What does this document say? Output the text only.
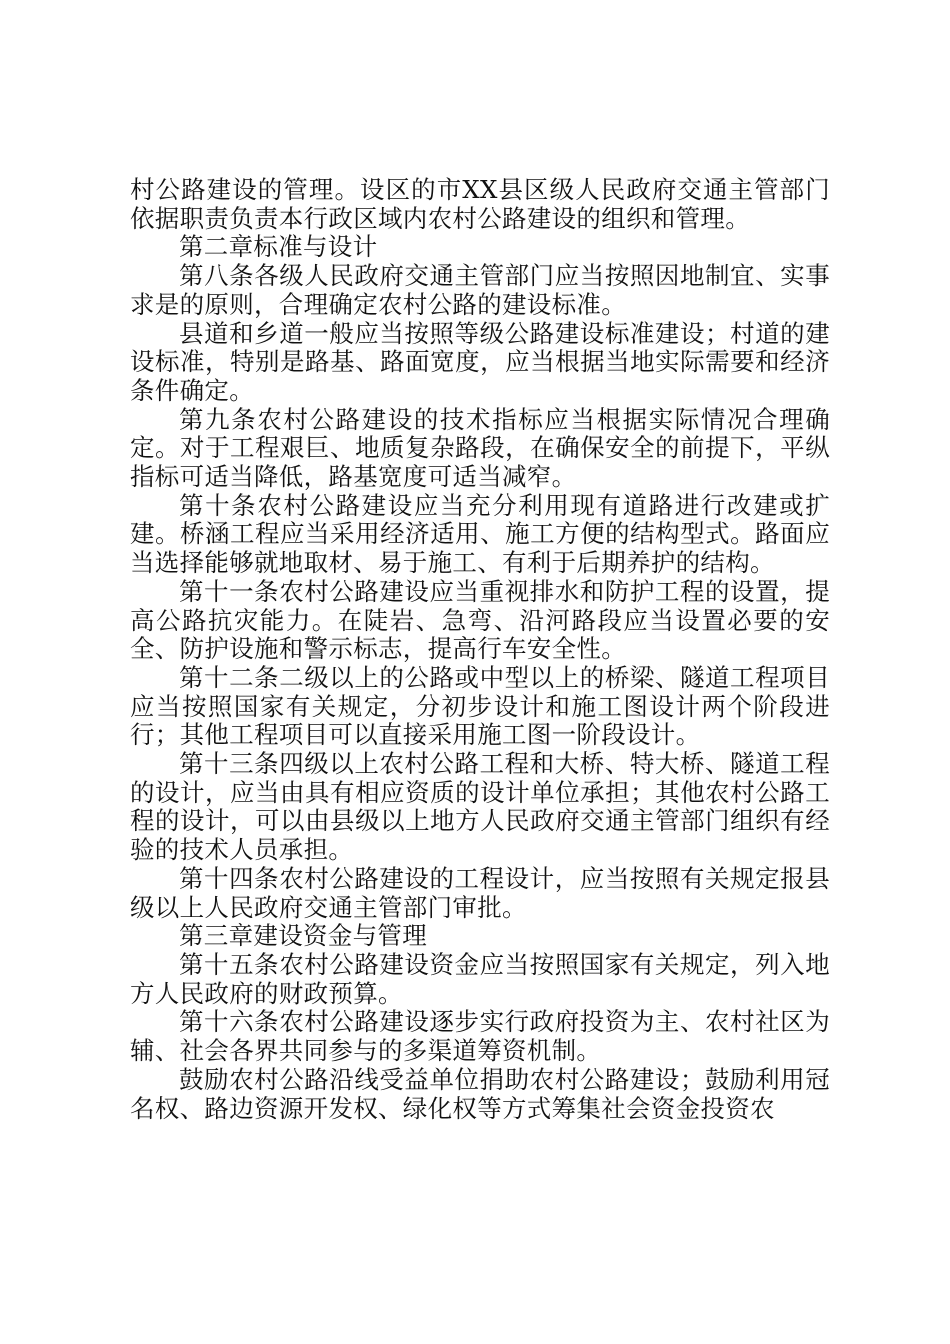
村公路建设的管理。设区的市XX县区级人民政府交通主管部门依据职责负责本行政区域内农村公路建设的组织和管理。

第二章标准与设计

第八条各级人民政府交通主管部门应当按照因地制宜、实事求是的原则，合理确定农村公路的建设标准。

县道和乡道一般应当按照等级公路建设标准建设；村道的建设标准，特别是路基、路面宽度，应当根据当地实际需要和经济条件确定。

第九条农村公路建设的技术指标应当根据实际情况合理确定。对于工程艰巨、地质复杂路段，在确保安全的前提下，平纵指标可适当降低，路基宽度可适当减窄。

第十条农村公路建设应当充分利用现有道路进行改建或扩建。桥涵工程应当采用经济适用、施工方便的结构型式。路面应当选择能够就地取材、易于施工、有利于后期养护的结构。

第十一条农村公路建设应当重视排水和防护工程的设置，提高公路抗灾能力。在陡岩、急弯、沿河路段应当设置必要的安全、防护设施和警示标志，提高行车安全性。

第十二条二级以上的公路或中型以上的桥梁、隧道工程项目应当按照国家有关规定，分初步设计和施工图设计两个阶段进行；其他工程项目可以直接采用施工图一阶段设计。

第十三条四级以上农村公路工程和大桥、特大桥、隧道工程的设计，应当由具有相应资质的设计单位承担；其他农村公路工程的设计，可以由县级以上地方人民政府交通主管部门组织有经验的技术人员承担。

第十四条农村公路建设的工程设计，应当按照有关规定报县级以上人民政府交通主管部门审批。

第三章建设资金与管理

第十五条农村公路建设资金应当按照国家有关规定，列入地方人民政府的财政预算。

第十六条农村公路建设逐步实行政府投资为主、农村社区为辅、社会各界共同参与的多渠道筹资机制。

鼓励农村公路沿线受益单位捐助农村公路建设；鼓励利用冠名权、路边资源开发权、绿化权等方式筹集社会资金投资农
